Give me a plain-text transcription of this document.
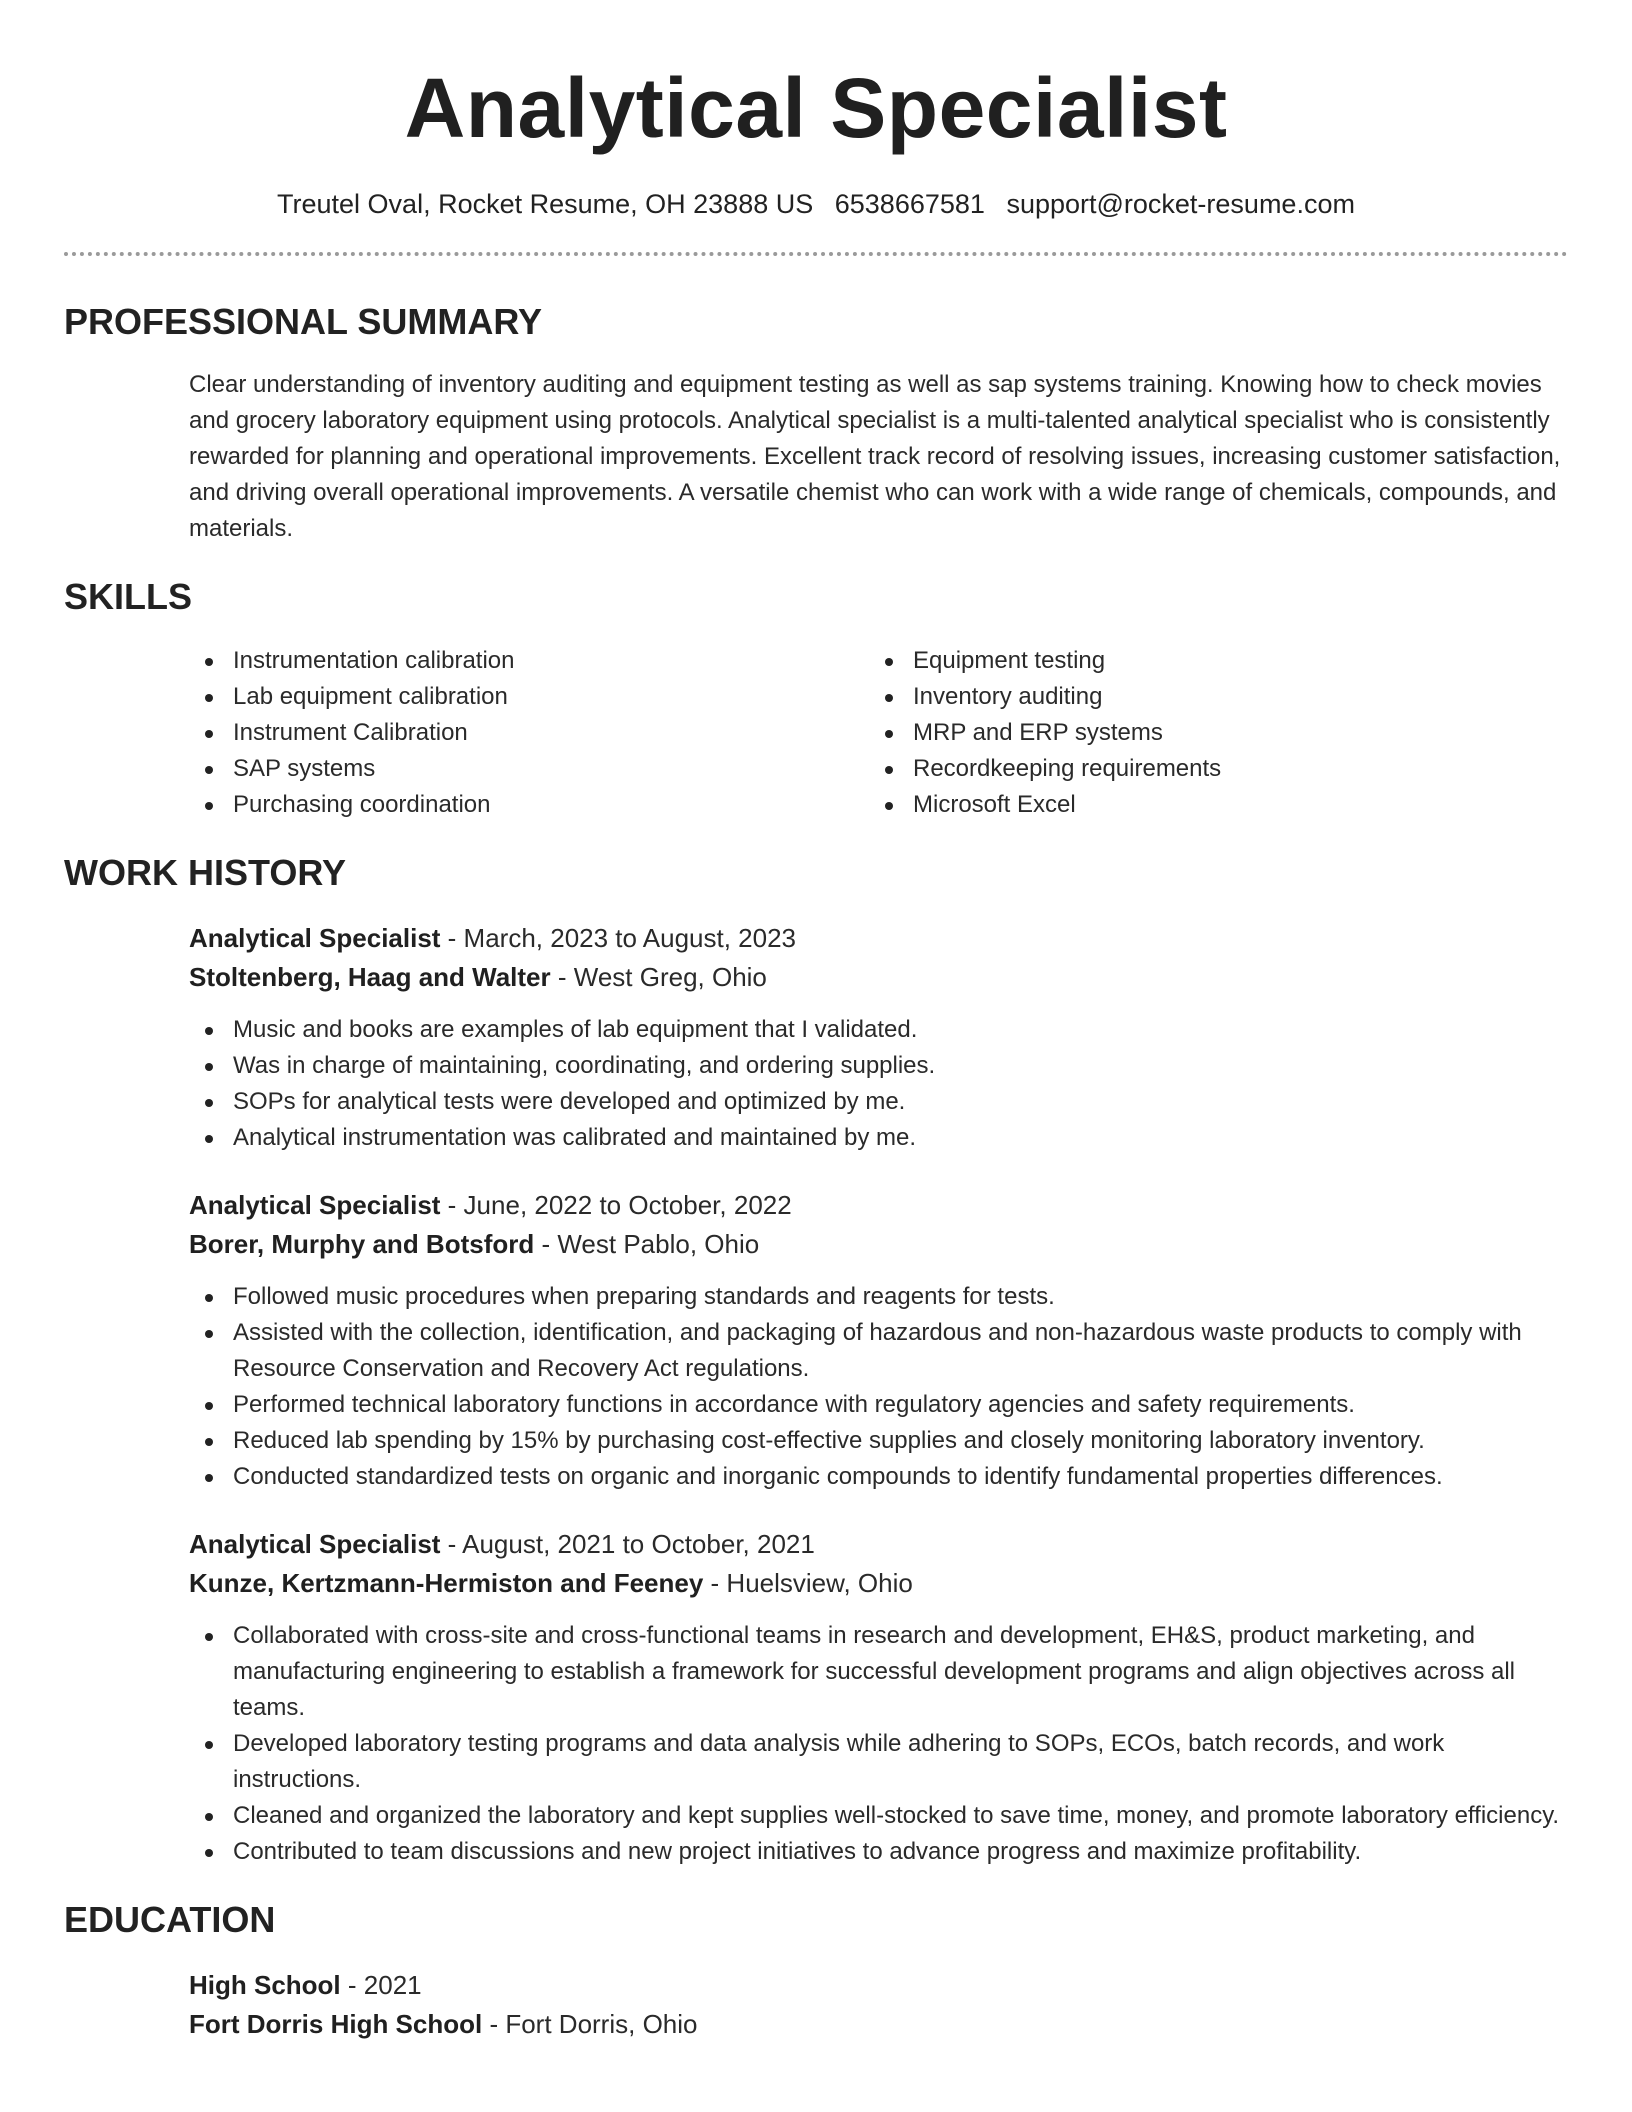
Analytical Specialist
Treutel Oval, Rocket Resume, OH 23888 US 6538667581 support@rocket-resume.com
PROFESSIONAL SUMMARY

Clear understanding of inventory auditing and equipment testing as well as sap systems training. Knowing how to check movies and grocery laboratory equipment using protocols. Analytical specialist is a multi-talented analytical specialist who is consistently rewarded for planning and operational improvements. Excellent track record of resolving issues, increasing customer satisfaction, and driving overall operational improvements. A versatile chemist who can work with a wide range of chemicals, compounds, and materials.

SKILLS
Instrumentation calibration
Lab equipment calibration
Instrument Calibration
SAP systems
Purchasing coordination
Equipment testing
Inventory auditing
MRP and ERP systems
Recordkeeping requirements
Microsoft Excel
WORK HISTORY
Analytical Specialist - March, 2023 to August, 2023
Stoltenberg, Haag and Walter - West Greg, Ohio
Music and books are examples of lab equipment that I validated.
Was in charge of maintaining, coordinating, and ordering supplies.
SOPs for analytical tests were developed and optimized by me.
Analytical instrumentation was calibrated and maintained by me.
Analytical Specialist - June, 2022 to October, 2022
Borer, Murphy and Botsford - West Pablo, Ohio
Followed music procedures when preparing standards and reagents for tests.
Assisted with the collection, identification, and packaging of hazardous and non-hazardous waste products to comply with Resource Conservation and Recovery Act regulations.
Performed technical laboratory functions in accordance with regulatory agencies and safety requirements.
Reduced lab spending by 15% by purchasing cost-effective supplies and closely monitoring laboratory inventory.
Conducted standardized tests on organic and inorganic compounds to identify fundamental properties differences.
Analytical Specialist - August, 2021 to October, 2021
Kunze, Kertzmann-Hermiston and Feeney - Huelsview, Ohio
Collaborated with cross-site and cross-functional teams in research and development, EH&S, product marketing, and manufacturing engineering to establish a framework for successful development programs and align objectives across all teams.
Developed laboratory testing programs and data analysis while adhering to SOPs, ECOs, batch records, and work instructions.
Cleaned and organized the laboratory and kept supplies well-stocked to save time, money, and promote laboratory efficiency.
Contributed to team discussions and new project initiatives to advance progress and maximize profitability.
EDUCATION
High School - 2021
Fort Dorris High School - Fort Dorris, Ohio
